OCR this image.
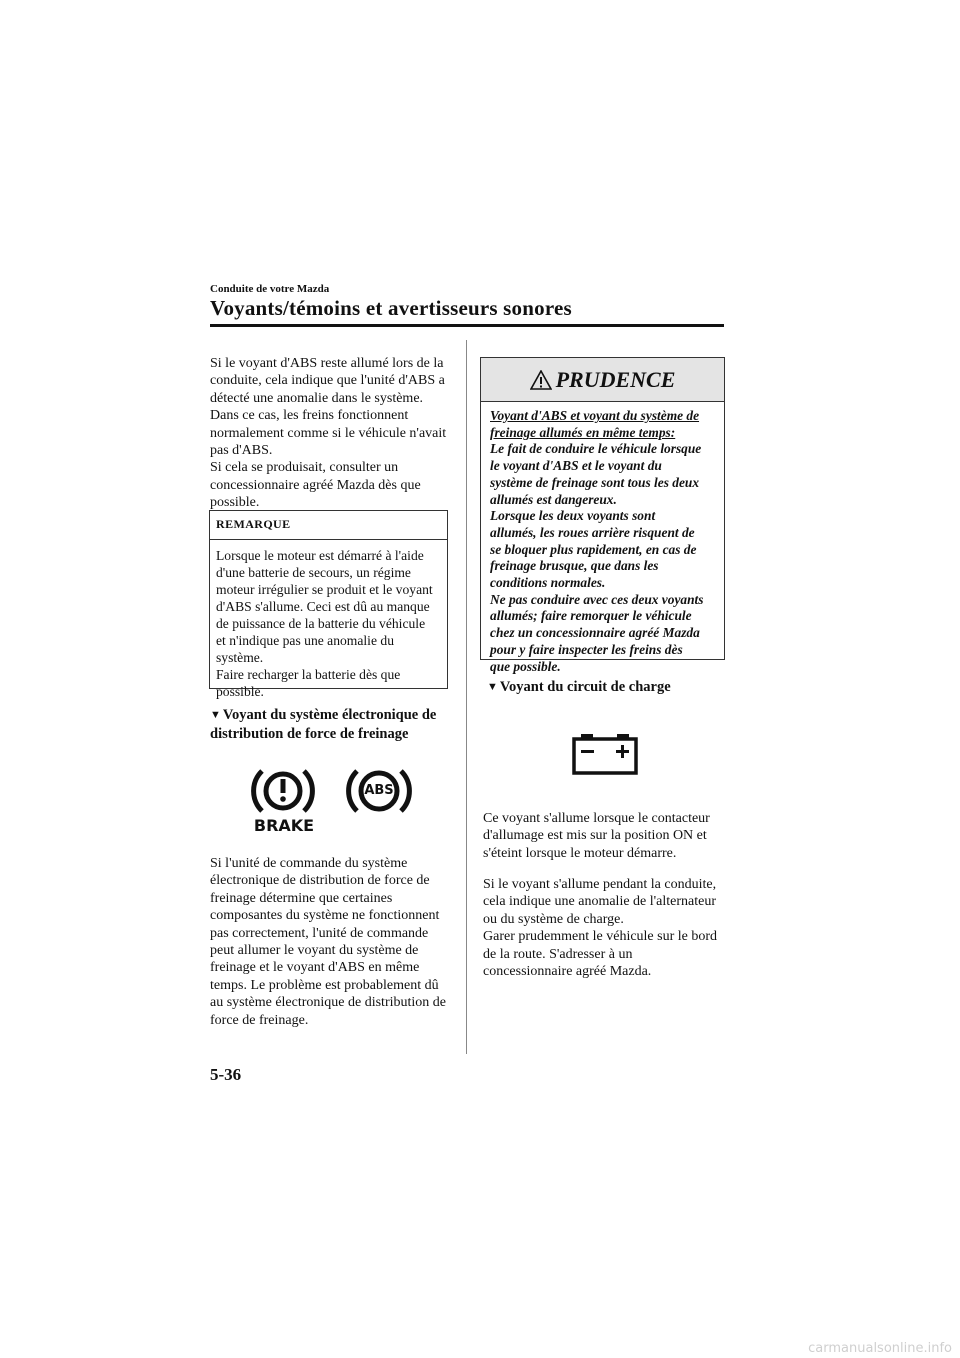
Conduite de votre Mazda
Voyants/témoins et avertisseurs sonores

Si le voyant d'ABS reste allumé lors de la
conduite, cela indique que l'unité d'ABS a
détecté une anomalie dans le système.
Dans ce cas, les freins fonctionnent
normalement comme si le véhicule n'avait
pas d'ABS.
Si cela se produisait, consulter un
concessionnaire agréé Mazda dès que
possible.

REMARQUE

Lorsque le moteur est démarré à l'aide
d'une batterie de secours, un régime
moteur irrégulier se produit et le voyant
d'ABS s'allume. Ceci est dû au manque
de puissance de la batterie du véhicule
et n'indique pas une anomalie du
système.
Faire recharger la batterie dès que
possible.

▼ Voyant du système électronique de
distribution de force de freinage
BRAKE
ABS

Si l'unité de commande du système
électronique de distribution de force de
freinage détermine que certaines
composantes du système ne fonctionnent
pas correctement, l'unité de commande
peut allumer le voyant du système de
freinage et le voyant d'ABS en même
temps. Le problème est probablement dû
au système électronique de distribution de
force de freinage.

PRUDENCE
Voyant d'ABS et voyant du système de
freinage allumés en même temps:
Le fait de conduire le véhicule lorsque
le voyant d'ABS et le voyant du
système de freinage sont tous les deux
allumés est dangereux.
Lorsque les deux voyants sont
allumés, les roues arrière risquent de
se bloquer plus rapidement, en cas de
freinage brusque, que dans les
conditions normales.
Ne pas conduire avec ces deux voyants
allumés; faire remorquer le véhicule
chez un concessionnaire agréé Mazda
pour y faire inspecter les freins dès
que possible.
▼ Voyant du circuit de charge

Ce voyant s'allume lorsque le contacteur
d'allumage est mis sur la position ON et
s'éteint lorsque le moteur démarre.

Si le voyant s'allume pendant la conduite,
cela indique une anomalie de l'alternateur
ou du système de charge.
Garer prudemment le véhicule sur le bord
de la route. S'adresser à un
concessionnaire agréé Mazda.

5-36
carmanualsonline.info
